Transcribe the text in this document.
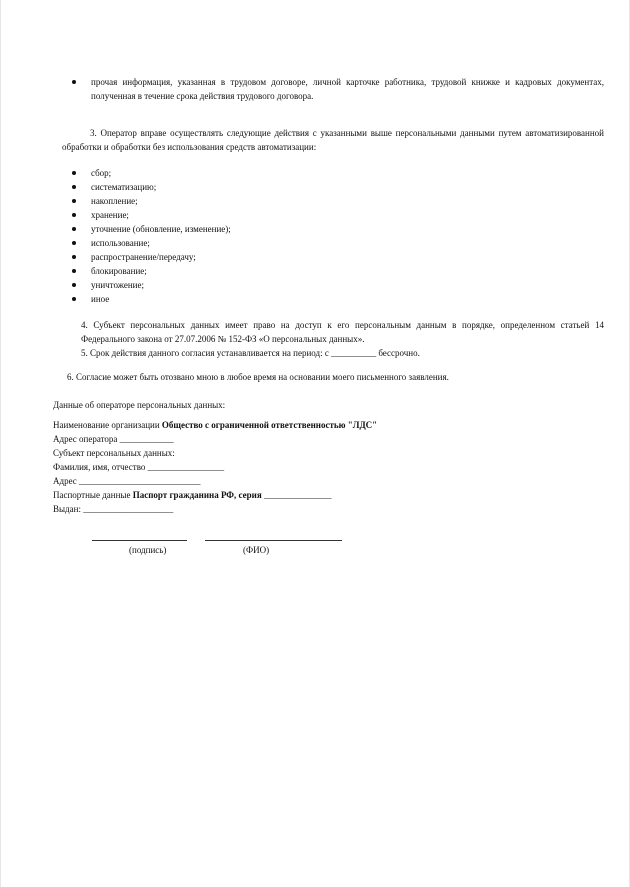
прочая информация, указанная в трудовом договоре, личной карточке работника, трудовой книжке и кадровых документах, полученная в течение срока действия трудового договора.
3. Оператор вправе осуществлять следующие действия с указанными выше персональными данными путем автоматизированной обработки и обработки без использования средств автоматизации:
сбор;
систематизацию;
накопление;
хранение;
уточнение (обновление, изменение);
использование;
распространение/передачу;
блокирование;
уничтожение;
иное
4. Субъект персональных данных имеет право на доступ к его персональным данным в порядке, определенном статьей 14 Федерального закона от 27.07.2006 № 152-ФЗ «О персональных данных».
5. Срок действия данного согласия устанавливается на период: с __________ бессрочно.
6. Согласие может быть отозвано мною в любое время на основании моего письменного заявления.
Данные об операторе персональных данных:
Наименование организации Общество с ограниченной ответственностью "ЛДС"
Адрес оператора ____________
Субъект персональных данных:
Фамилия, имя, отчество _________________
Адрес ___________________________
Паспортные данные Паспорт гражданина РФ, серия _______________
Выдан: ____________________
(подпись)	(ФИО)
